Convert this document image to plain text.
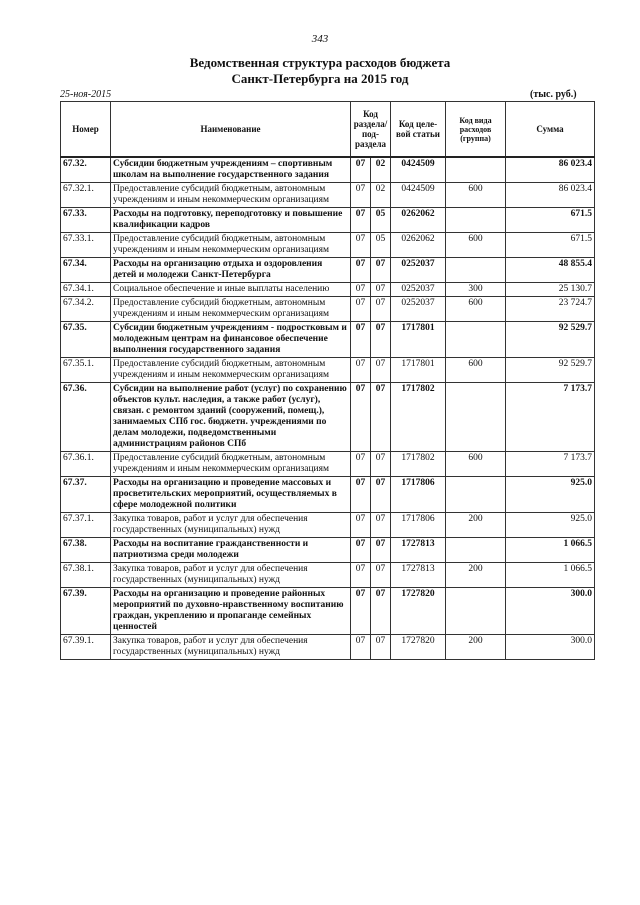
343
Ведомственная структура расходов бюджета
Санкт-Петербурга на 2015 год
25-ноя-2015	(тыс. руб.)
Номер	Наименование	Код раздела/ под-раздела		Код целе-вой статьи	Код вида расходов (группа)	Сумма
67.32.	Субсидии бюджетным учреждениям – спортивным школам на выполнение государственного задания	07	02	0424509		86 023.4
67.32.1.	Предоставление субсидий бюджетным, автономным учреждениям и иным некоммерческим организациям	07	02	0424509	600	86 023.4
67.33.	Расходы на подготовку, переподготовку и повышение квалификации кадров	07	05	0262062		671.5
67.33.1.	Предоставление субсидий бюджетным, автономным учреждениям и иным некоммерческим организациям	07	05	0262062	600	671.5
67.34.	Расходы на организацию отдыха и оздоровления детей и молодежи Санкт-Петербурга	07	07	0252037		48 855.4
67.34.1.	Социальное обеспечение и иные выплаты населению	07	07	0252037	300	25 130.7
67.34.2.	Предоставление субсидий бюджетным, автономным учреждениям и иным некоммерческим организациям	07	07	0252037	600	23 724.7
67.35.	Субсидии бюджетным учреждениям - подростковым и молодежным центрам на финансовое обеспечение выполнения государственного задания	07	07	1717801		92 529.7
67.35.1.	Предоставление субсидий бюджетным, автономным учреждениям и иным некоммерческим организациям	07	07	1717801	600	92 529.7
67.36.	Субсидии на выполнение работ (услуг) по сохранению объектов культ. наследия, а также работ (услуг), связан. с ремонтом зданий (сооружений, помещ.), занимаемых СПб гос. бюджетн. учреждениями по делам молодежи, подведомственными администрациям районов СПб	07	07	1717802		7 173.7
67.36.1.	Предоставление субсидий бюджетным, автономным учреждениям и иным некоммерческим организациям	07	07	1717802	600	7 173.7
67.37.	Расходы на организацию и проведение массовых и просветительских мероприятий, осуществляемых в сфере молодежной политики	07	07	1717806		925.0
67.37.1.	Закупка товаров, работ и услуг для обеспечения государственных (муниципальных) нужд	07	07	1717806	200	925.0
67.38.	Расходы на воспитание гражданственности и патриотизма среди молодежи	07	07	1727813		1 066.5
67.38.1.	Закупка товаров, работ и услуг для обеспечения государственных (муниципальных) нужд	07	07	1727813	200	1 066.5
67.39.	Расходы на организацию и проведение районных мероприятий по духовно-нравственному воспитанию граждан, укреплению и пропаганде семейных ценностей	07	07	1727820		300.0
67.39.1.	Закупка товаров, работ и услуг для обеспечения государственных (муниципальных) нужд	07	07	1727820	200	300.0
